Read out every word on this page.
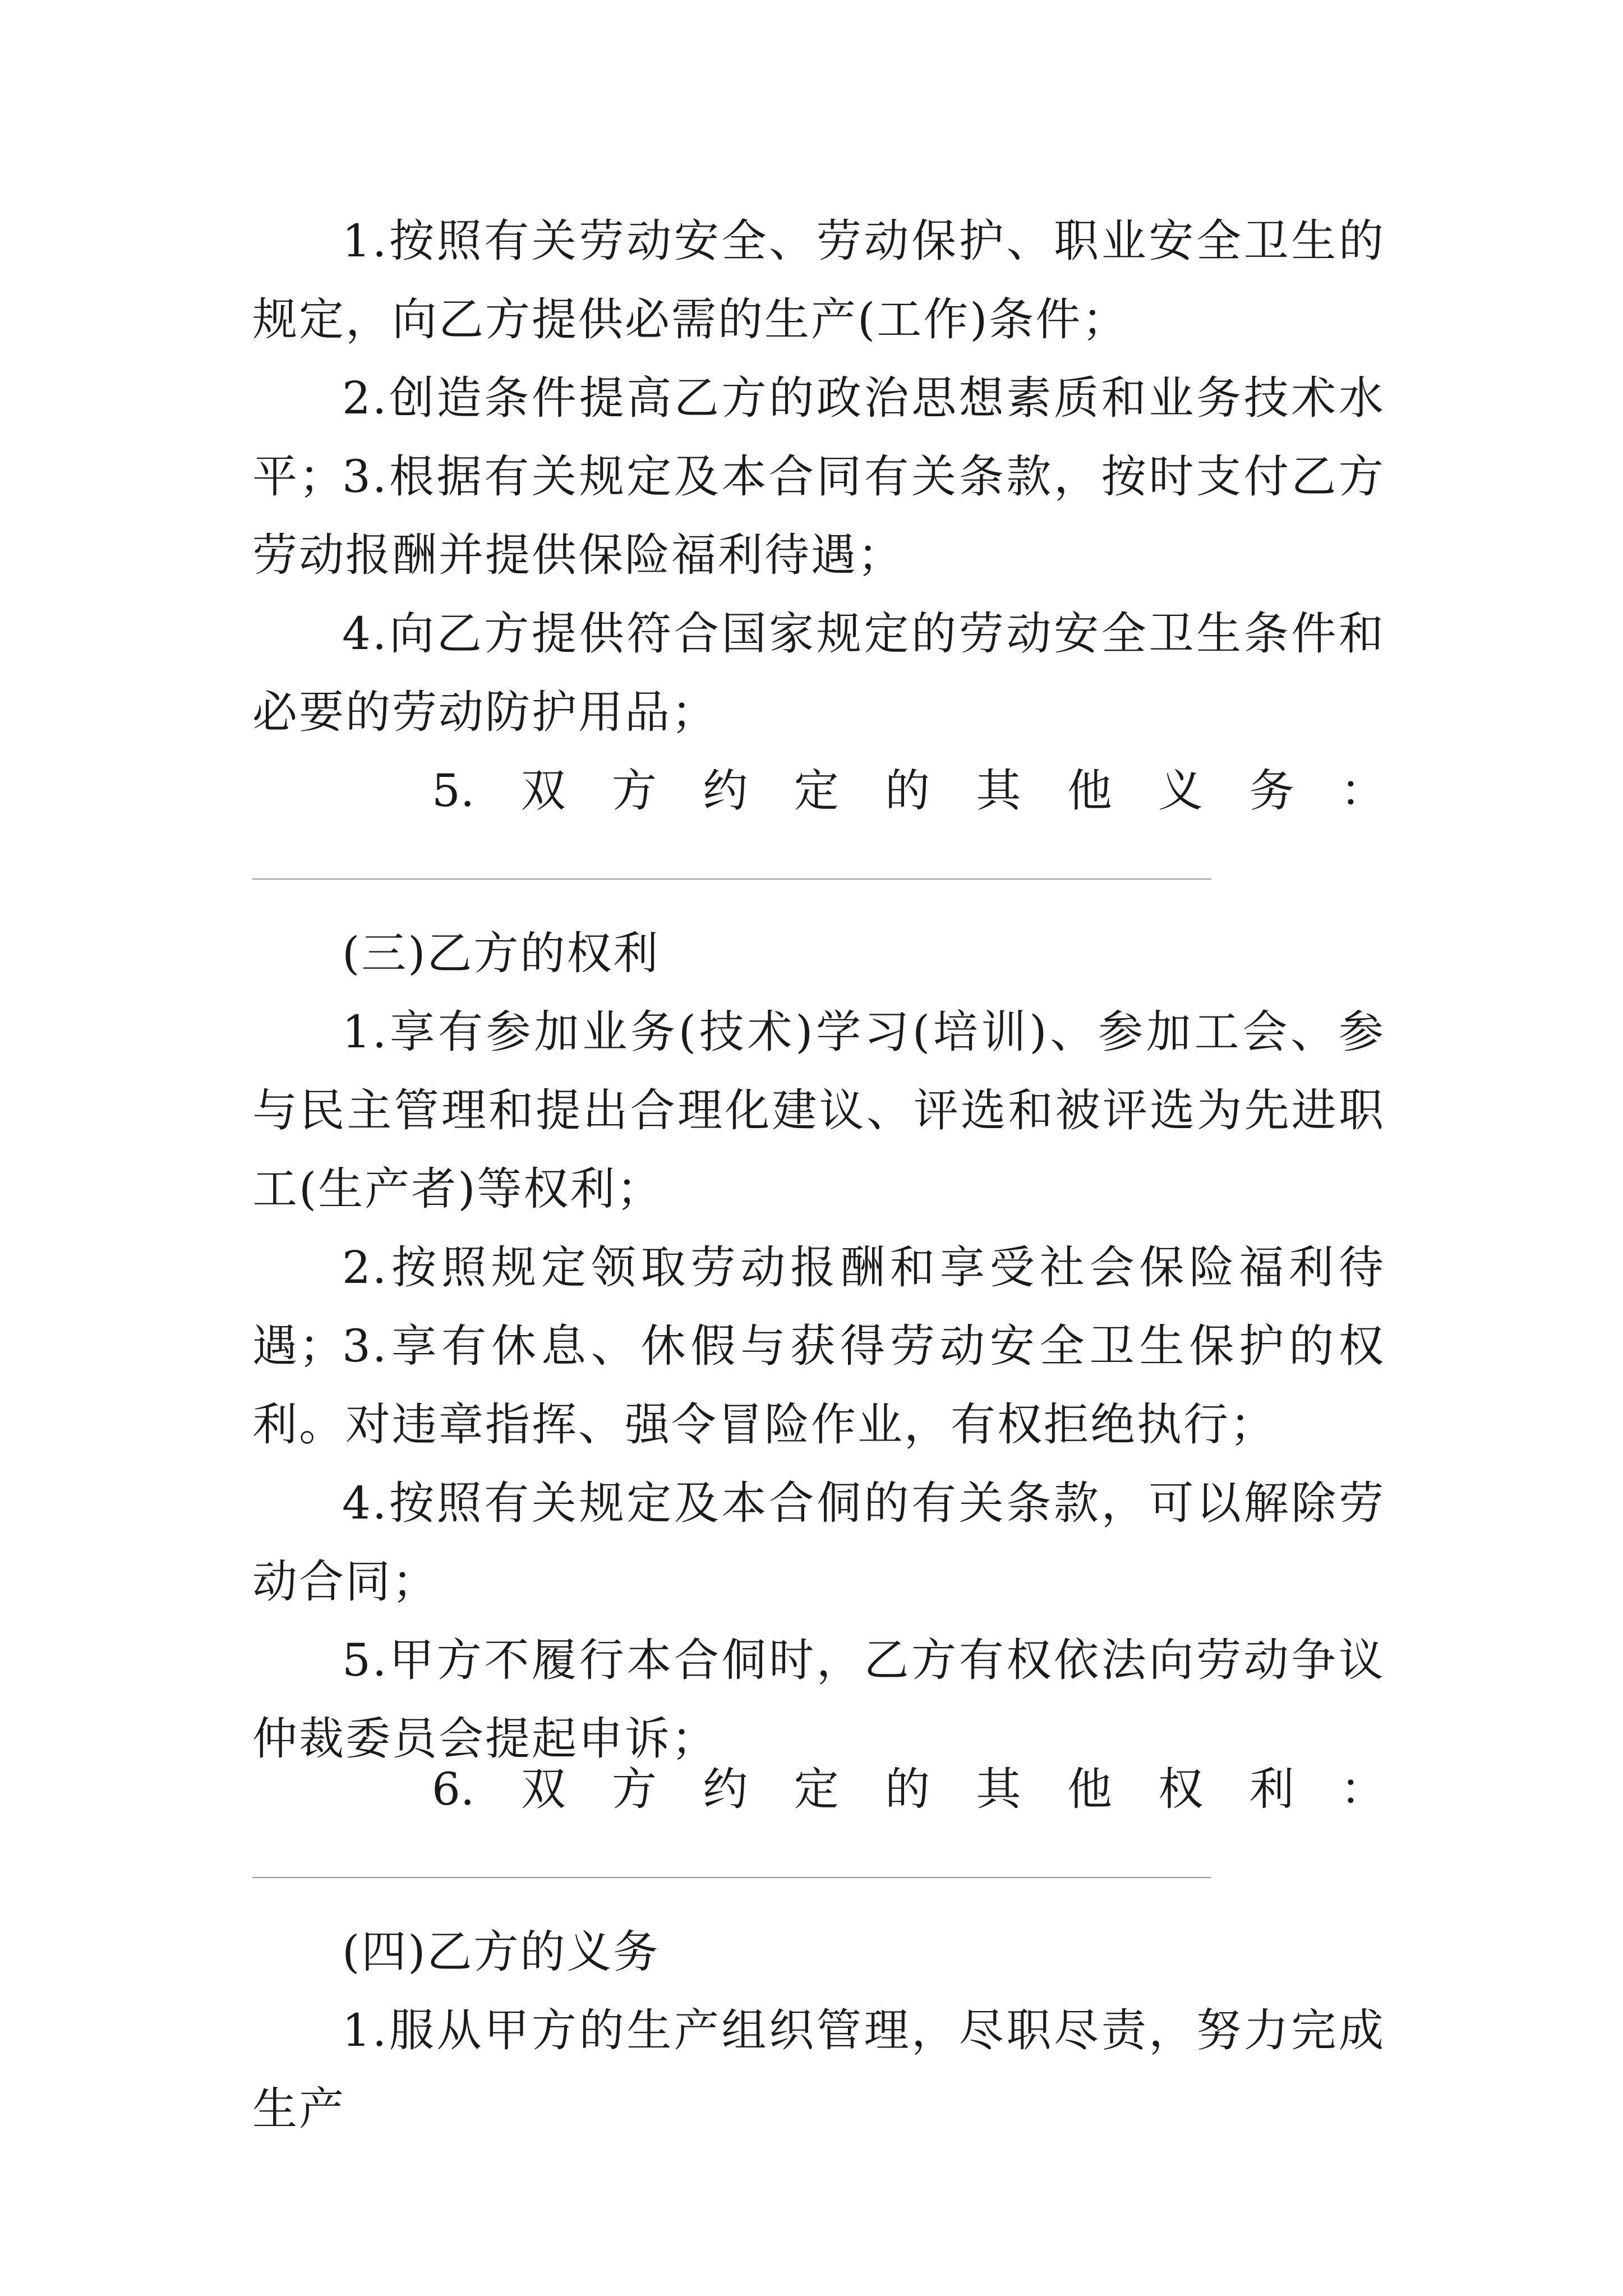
1.按照有关劳动安全、劳动保护、职业安全卫生的规定，向乙方提供必需的生产(工作)条件；

2.创造条件提高乙方的政治思想素质和业务技术水平；

3.根据有关规定及本合同有关条款，按时支付乙方劳动报酬并提供保险福利待遇；

4.向乙方提供符合国家规定的劳动安全卫生条件和必要的劳动防护用品；

5. 双 方 约 定 的 其 他 义 务 ：

(三)乙方的权利

1.享有参加业务(技术)学习(培训)、参加工会、参与民主管理和提出合理化建议、评选和被评选为先进职工(生产者)等权利；

2.按照规定领取劳动报酬和享受社会保险福利待遇；

3.享有休息、休假与获得劳动安全卫生保护的权利。对违章指挥、强令冒险作业，有权拒绝执行；

4.按照有关规定及本合侗的有关条款，可以解除劳动合同；

5.甲方不履行本合侗时，乙方有权依法向劳动争议仲裁委员会提起申诉；

6. 双 方 约 定 的 其 他 权 利 ：

(四)乙方的义务

1.服从甲方的生产组织管理，尽职尽责，努力完成生产
